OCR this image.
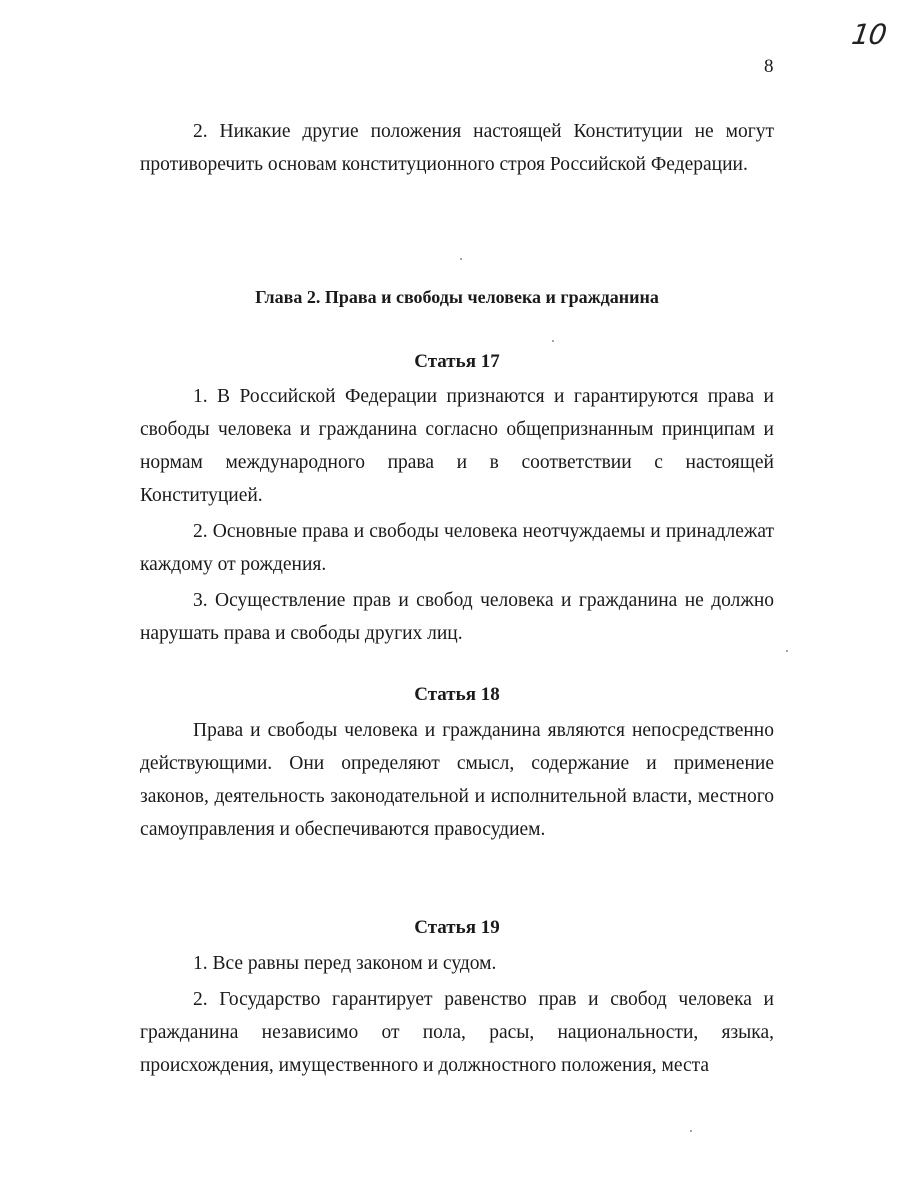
10
8

2. Никакие другие положения настоящей Конституции не могут противоречить основам конституционного строя Российской Федерации.

Глава 2. Права и свободы человека и гражданина
Статья 17

1. В Российской Федерации признаются и гарантируются права и свободы человека и гражданина согласно общепризнанным принципам и нормам международного права и в соответствии с настоящей Конституцией.

2. Основные права и свободы человека неотчуждаемы и принадлежат каждому от рождения.

3. Осуществление прав и свобод человека и гражданина не должно нарушать права и свободы других лиц.

Статья 18

Права и свободы человека и гражданина являются непосредственно действующими. Они определяют смысл, содержание и применение законов, деятельность законодательной и исполнительной власти, местного самоуправления и обеспечиваются правосудием.

Статья 19

1. Все равны перед законом и судом.

2. Государство гарантирует равенство прав и свобод человека и гражданина независимо от пола, расы, национальности, языка, происхождения, имущественного и должностного положения, места
